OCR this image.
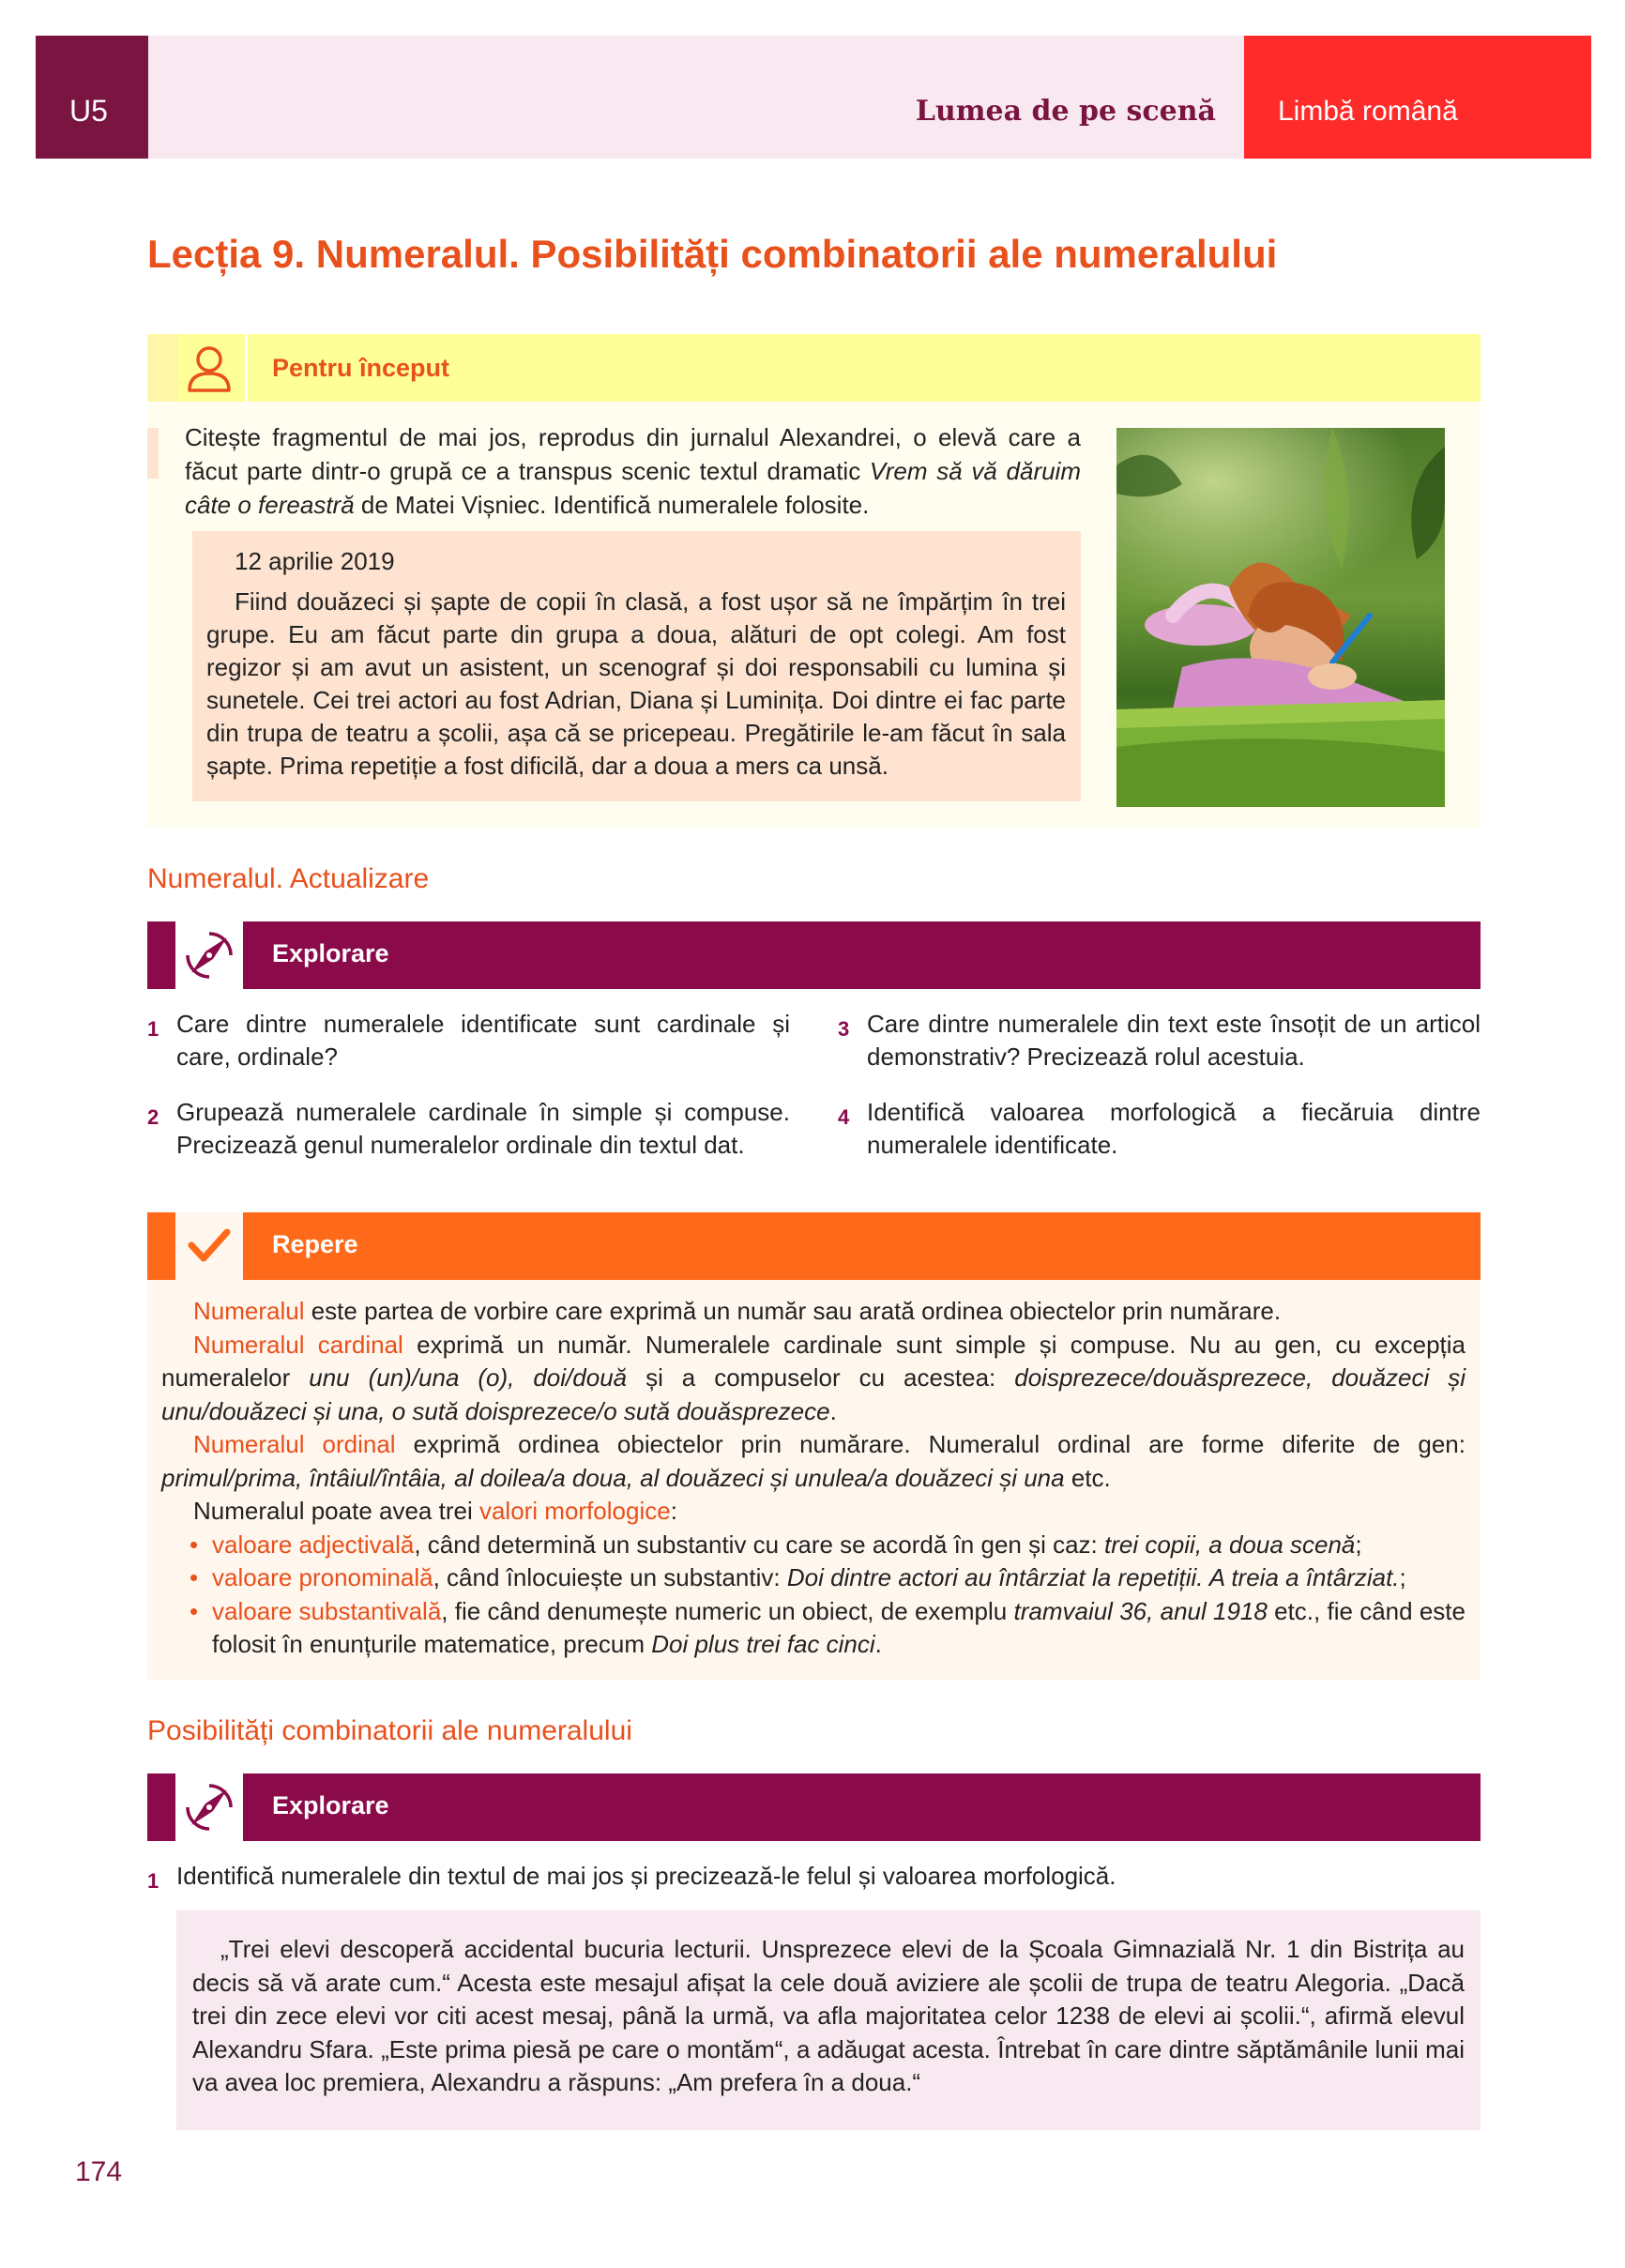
U5	Lumea de pe scenă Limbă română
Lecția 9. Numeralul. Posibilități combinatorii ale numeralului
Pentru început
Citește fragmentul de mai jos, reprodus din jurnalul Alexandrei, o elevă care a făcut parte dintr-o grupă ce a transpus scenic textul dramatic Vrem să vă dăruim câte o fereastră de Matei Vișniec. Identifică numeralele folosite.
12 aprilie 2019
Fiind douăzeci și șapte de copii în clasă, a fost ușor să ne împărțim în trei grupe. Eu am făcut parte din grupa a doua, alături de opt colegi. Am fost regizor și am avut un asistent, un scenograf și doi responsabili cu lumina și sunetele. Cei trei actori au fost Adrian, Diana și Luminița. Doi dintre ei fac parte din trupa de teatru a școlii, așa că se pricepeau. Pregătirile le-am făcut în sala șapte. Prima repetiție a fost dificilă, dar a doua a mers ca unsă.
Numeralul. Actualizare
Explorare
1 Care dintre numeralele identificate sunt cardinale și care, ordinale?
2 Grupează numeralele cardinale în simple și compuse. Precizează genul numeralelor ordinale din textul dat.
3 Care dintre numeralele din text este însoțit de un articol demonstrativ? Precizează rolul acestuia.
4 Identifică valoarea morfologică a fiecăruia dintre numeralele identificate.
Repere

Numeralul este partea de vorbire care exprimă un număr sau arată ordinea obiectelor prin numărare.

Numeralul cardinal exprimă un număr. Numeralele cardinale sunt simple și compuse. Nu au gen, cu excepția numeralelor unu (un)/una (o), doi/două și a compuselor cu acestea: doisprezece/douăsprezece, douăzeci și unu/douăzeci și una, o sută doisprezece/o sută douăsprezece.

Numeralul ordinal exprimă ordinea obiectelor prin numărare. Numeralul ordinal are forme diferite de gen: primul/prima, întâiul/întâia, al doilea/a doua, al douăzeci și unulea/a douăzeci și una etc.

Numeralul poate avea trei valori morfologice:

• valoare adjectivală, când determină un substantiv cu care se acordă în gen și caz: trei copii, a doua scenă;
• valoare pronominală, când înlocuiește un substantiv: Doi dintre actori au întârziat la repetiții. A treia a întârziat.;
• valoare substantivală, fie când denumește numeric un obiect, de exemplu tramvaiul 36, anul 1918 etc., fie când este folosit în enunțurile matematice, precum Doi plus trei fac cinci.
Posibilități combinatorii ale numeralului
Explorare
1 Identifică numeralele din textul de mai jos și precizează-le felul și valoarea morfologică.
„Trei elevi descoperă accidental bucuria lecturii. Unsprezece elevi de la Școala Gimnazială Nr. 1 din Bistrița au decis să vă arate cum.“ Acesta este mesajul afișat la cele două avizierе ale școlii de trupa de teatru Alegoria. „Dacă trei din zece elevi vor citi acest mesaj, până la urmă, va afla majoritatea celor 1238 de elevi ai școlii.“, afirmă elevul Alexandru Sfara. „Este prima piesă pe care o montăm“, a adăugat acesta. Întrebat în care dintre săptămânile lunii mai va avea loc premiera, Alexandru a răspuns: „Am prefera în a doua.“
174
